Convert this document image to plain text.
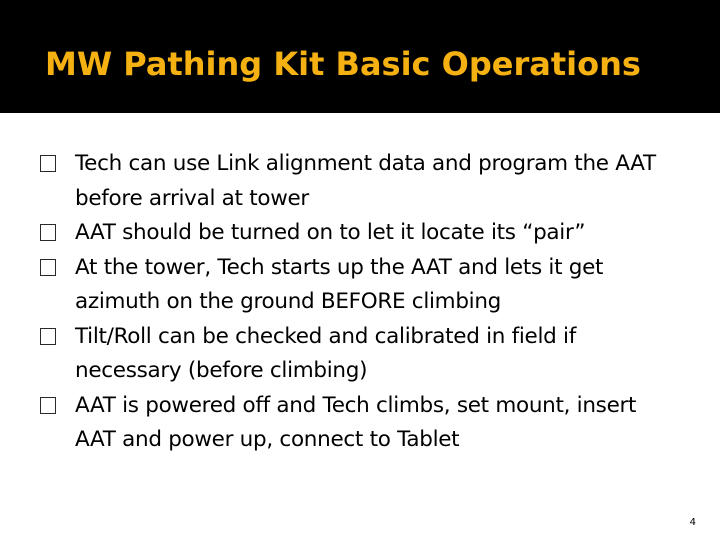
MW Pathing Kit Basic Operations
Tech can use Link alignment data and program the AAT before arrival at tower
AAT should be turned on to let it locate its “pair”
At the tower, Tech starts up the AAT and lets it get azimuth on the ground BEFORE climbing
Tilt/Roll can be checked and calibrated in field if necessary (before climbing)
AAT is powered off and Tech climbs, set mount, insert AAT and power up, connect to Tablet
4
